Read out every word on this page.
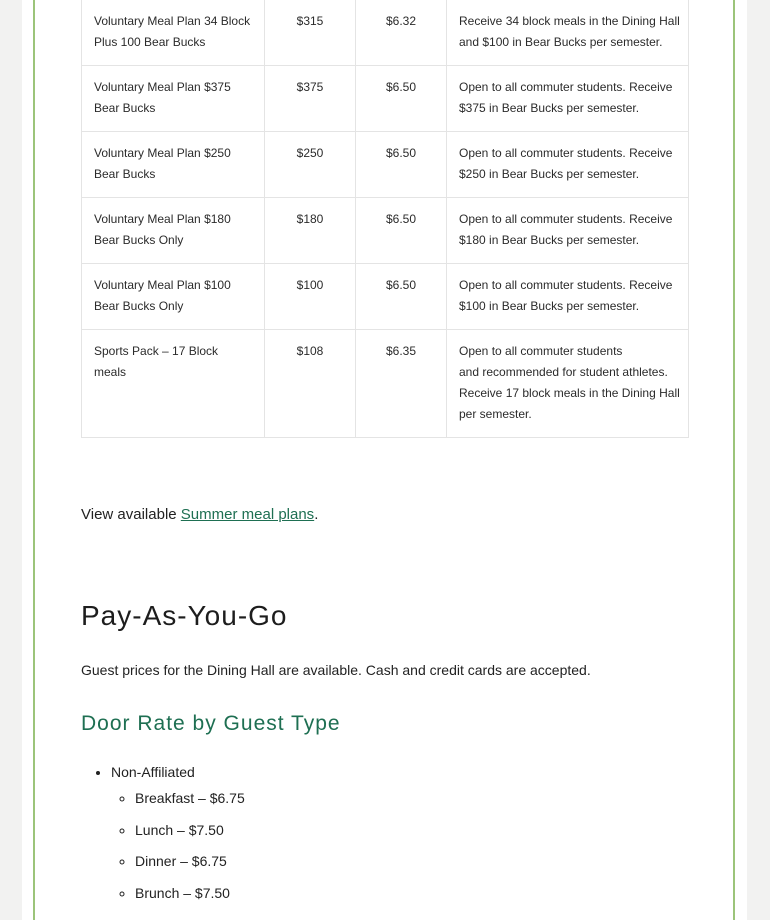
Voluntary Meal Plan 34 Block Plus 100 Bear Bucks	$315	$6.32	Receive 34 block meals in the Dining Hall and $100 in Bear Bucks per semester.
Voluntary Meal Plan $375 Bear Bucks	$375	$6.50	Open to all commuter students. Receive $375 in Bear Bucks per semester.
Voluntary Meal Plan $250 Bear Bucks	$250	$6.50	Open to all commuter students. Receive $250 in Bear Bucks per semester.
Voluntary Meal Plan $180 Bear Bucks Only	$180	$6.50	Open to all commuter students. Receive $180 in Bear Bucks per semester.
Voluntary Meal Plan $100 Bear Bucks Only	$100	$6.50	Open to all commuter students. Receive $100 in Bear Bucks per semester.
Sports Pack – 17 Block meals	$108	$6.35	Open to all commuter students
and recommended for student athletes. Receive 17 block meals in the Dining Hall per semester.

View available Summer meal plans.

Pay-As-You-Go

Guest prices for the Dining Hall are available. Cash and credit cards are accepted.

Door Rate by Guest Type
• Non-Affiliated
◦ Breakfast – $6.75
◦ Lunch – $7.50
◦ Dinner – $6.75
◦ Brunch – $7.50
